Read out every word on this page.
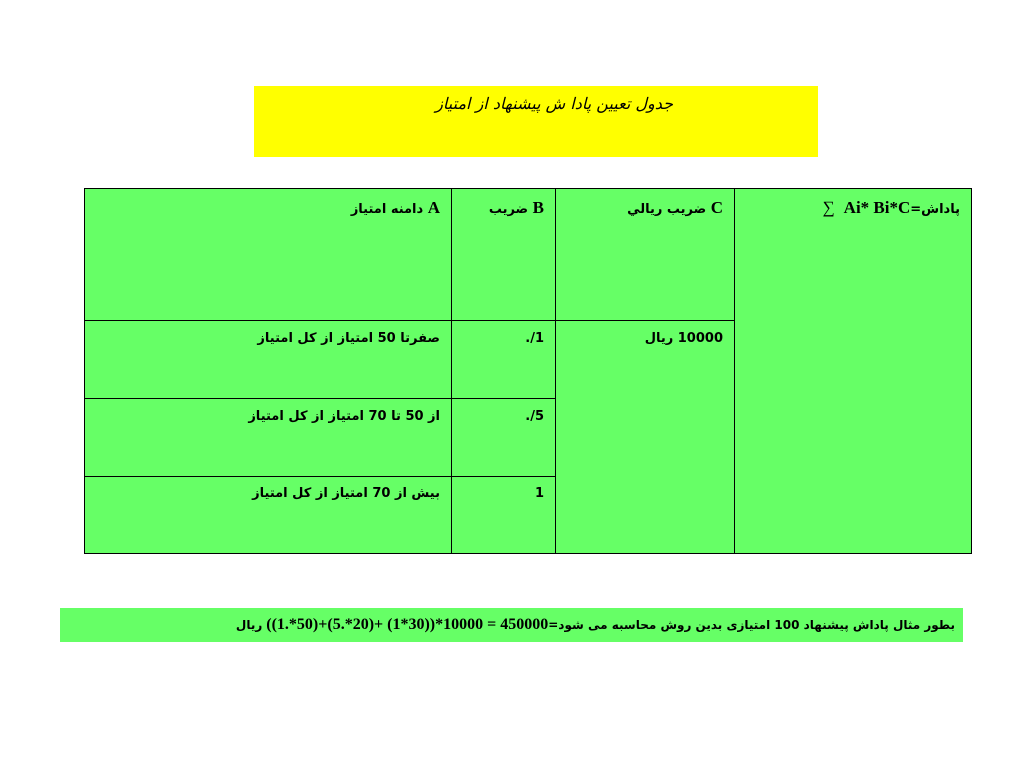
جدول تعیین پادا ش پیشنهاد از امتیاز
A دامنه امتياز	B ضريب	C ضريب ريالي	پاداش=Ai* Bi*C  ∑
صفرتا 50 امتياز از كل امتياز	1/.
از 50 تا 70 امتياز از كل امتياز	5/.
بيش از 70 امتياز از كل امتياز	1
10000 ريال
بطور مثال پاداش پیشنهاد 100 امتیازی بدین روش محاسبه می شود= ((1.*50)+(5.*20)+ (1*30))*10000 = 450000ريال
